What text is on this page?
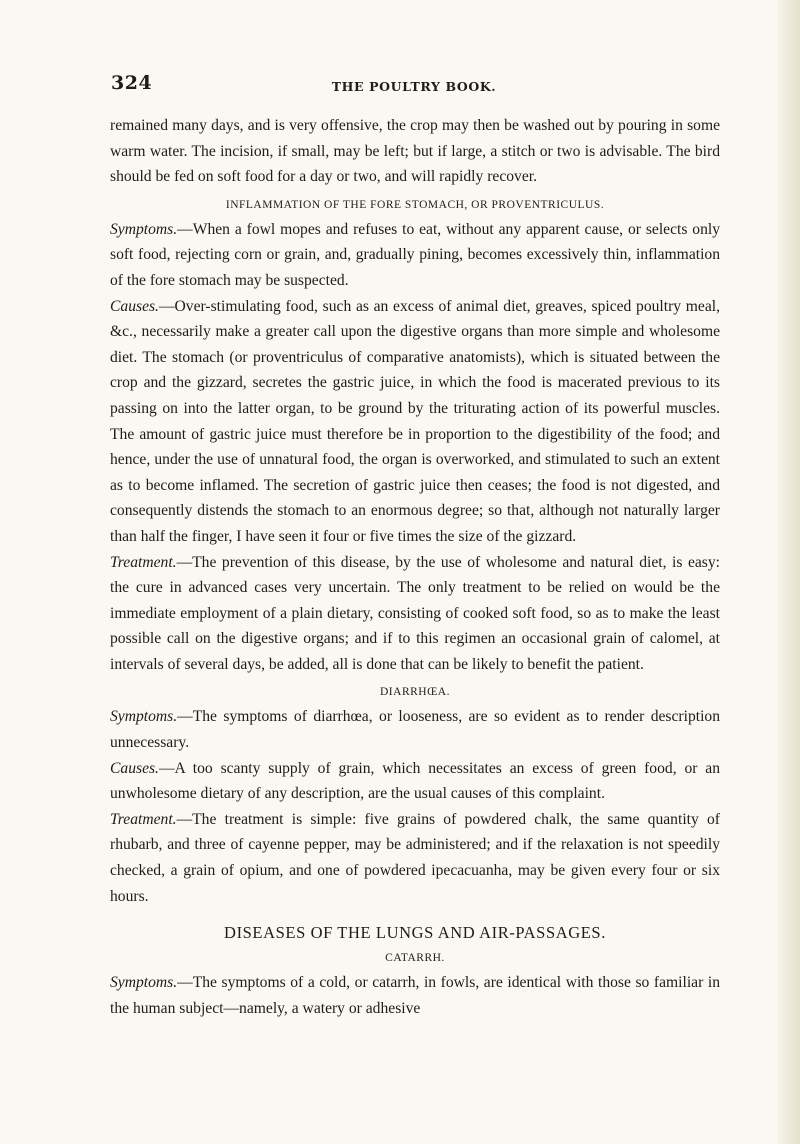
324	THE POULTRY BOOK.

remained many days, and is very offensive, the crop may then be washed out by pouring in some warm water. The incision, if small, may be left; but if large, a stitch or two is advisable. The bird should be fed on soft food for a day or two, and will rapidly recover.

INFLAMMATION OF THE FORE STOMACH, OR PROVENTRICULUS.

Symptoms.—When a fowl mopes and refuses to eat, without any apparent cause, or selects only soft food, rejecting corn or grain, and, gradually pining, becomes excessively thin, inflammation of the fore stomach may be suspected.

Causes.—Over-stimulating food, such as an excess of animal diet, greaves, spiced poultry meal, &c., necessarily make a greater call upon the digestive organs than more simple and wholesome diet. The stomach (or proventriculus of comparative anatomists), which is situated between the crop and the gizzard, secretes the gastric juice, in which the food is macerated previous to its passing on into the latter organ, to be ground by the triturating action of its powerful muscles. The amount of gastric juice must therefore be in proportion to the digestibility of the food; and hence, under the use of unnatural food, the organ is overworked, and stimulated to such an extent as to become inflamed. The secretion of gastric juice then ceases; the food is not digested, and consequently distends the stomach to an enormous degree; so that, although not naturally larger than half the finger, I have seen it four or five times the size of the gizzard.

Treatment.—The prevention of this disease, by the use of wholesome and natural diet, is easy: the cure in advanced cases very uncertain. The only treatment to be relied on would be the immediate employment of a plain dietary, consisting of cooked soft food, so as to make the least possible call on the digestive organs; and if to this regimen an occasional grain of calomel, at intervals of several days, be added, all is done that can be likely to benefit the patient.

DIARRHŒA.

Symptoms.—The symptoms of diarrhœa, or looseness, are so evident as to render description unnecessary.

Causes.—A too scanty supply of grain, which necessitates an excess of green food, or an unwholesome dietary of any description, are the usual causes of this complaint.

Treatment.—The treatment is simple: five grains of powdered chalk, the same quantity of rhubarb, and three of cayenne pepper, may be administered; and if the relaxation is not speedily checked, a grain of opium, and one of powdered ipecacuanha, may be given every four or six hours.

DISEASES OF THE LUNGS AND AIR-PASSAGES.
CATARRH.

Symptoms.—The symptoms of a cold, or catarrh, in fowls, are identical with those so familiar in the human subject—namely, a watery or adhesive
